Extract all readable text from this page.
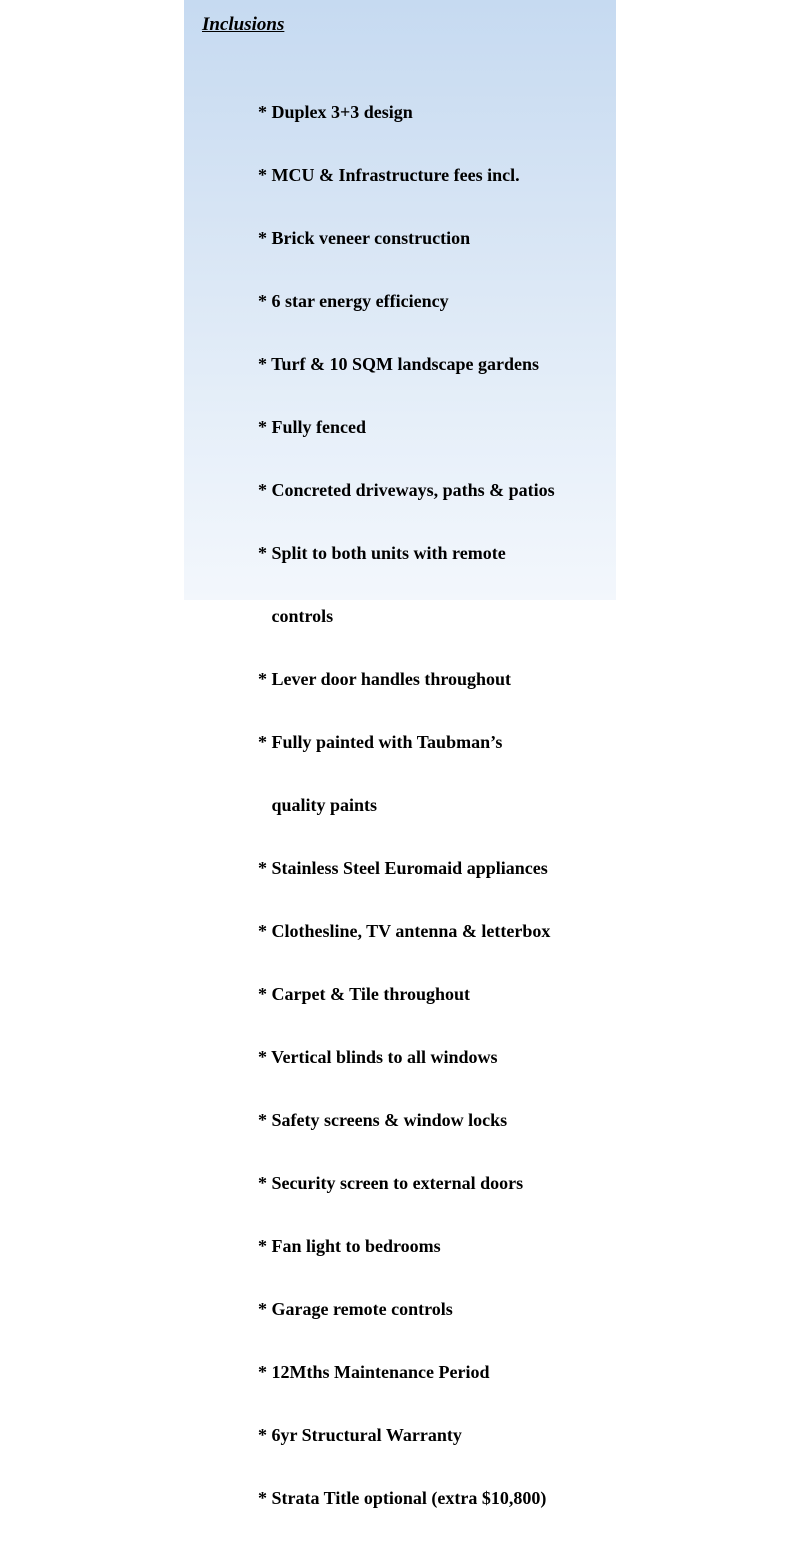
Inclusions

* Duplex 3+3 design

* MCU & Infrastructure fees incl.

* Brick veneer construction

* 6 star energy efficiency

* Turf & 10 SQM landscape gardens

* Fully fenced

* Concreted driveways, paths & patios

* Split to both units with remote

controls

* Lever door handles throughout

* Fully painted with Taubman’s

quality paints

* Stainless Steel Euromaid appliances

* Clothesline, TV antenna & letterbox

* Carpet & Tile throughout

* Vertical blinds to all windows

* Safety screens & window locks

* Security screen to external doors

* Fan light to bedrooms

* Garage remote controls

* 12Mths Maintenance Period

* 6yr Structural Warranty

* Strata Title optional (extra $10,800)
